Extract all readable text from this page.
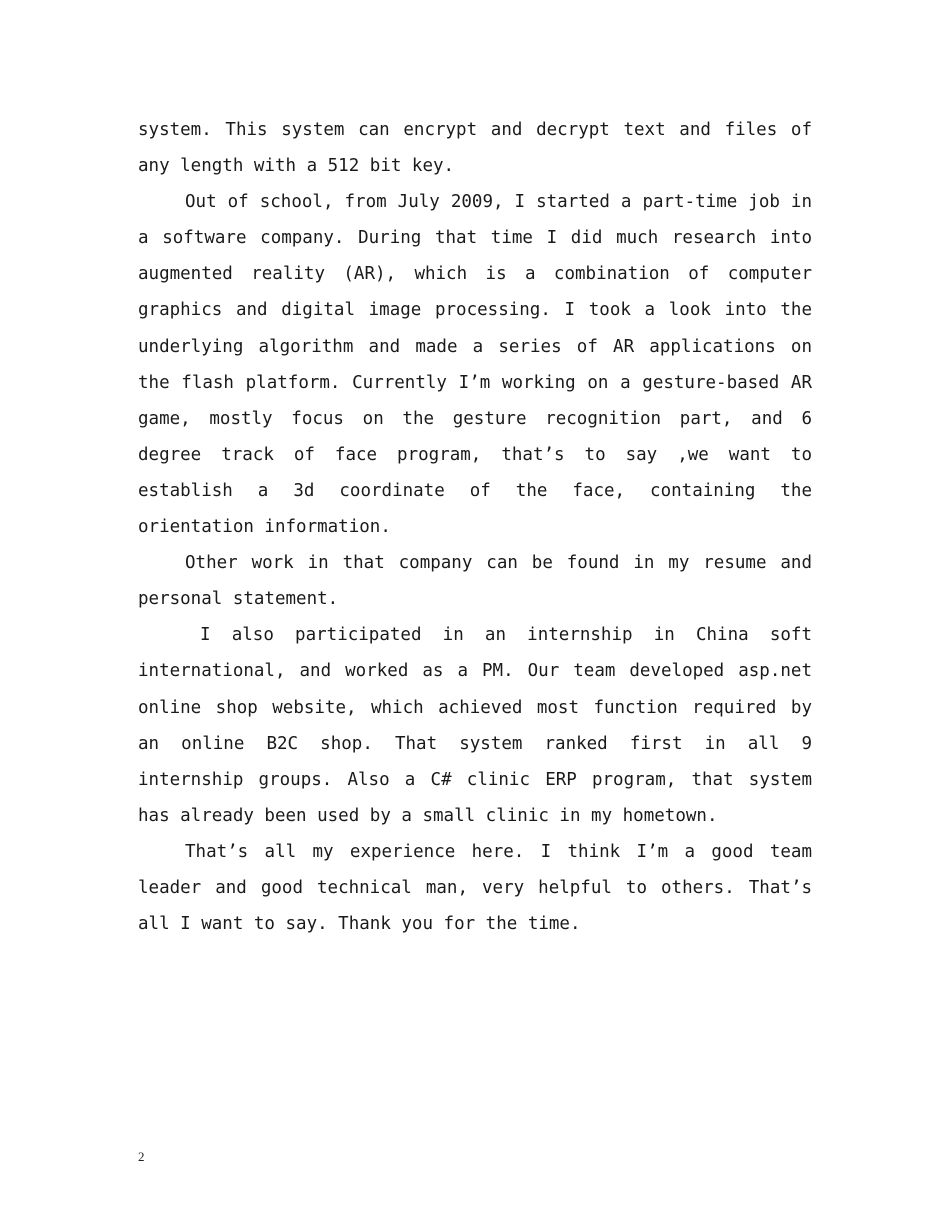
system. This system can encrypt and decrypt text and files of any length with a 512 bit key.

Out of school, from July 2009, I started a part-time job in a software company. During that time I did much research into augmented reality (AR), which is a combination of computer graphics and digital image processing. I took a look into the underlying algorithm and made a series of AR applications on the flash platform. Currently I’m working on a gesture-based AR game, mostly focus on the gesture recognition part, and 6 degree track of face program, that’s to say ,we want to establish a 3d coordinate of the face, containing the orientation information.

Other work in that company can be found in my resume and personal statement.

I also participated in an internship in China soft international, and worked as a PM. Our team developed asp.net online shop website, which achieved most function required by an online B2C shop. That system ranked first in all 9 internship groups. Also a C# clinic ERP program, that system has already been used by a small clinic in my hometown.

That’s all my experience here. I think I’m a good team leader and good technical man, very helpful to others. That’s all I want to say. Thank you for the time.

2
